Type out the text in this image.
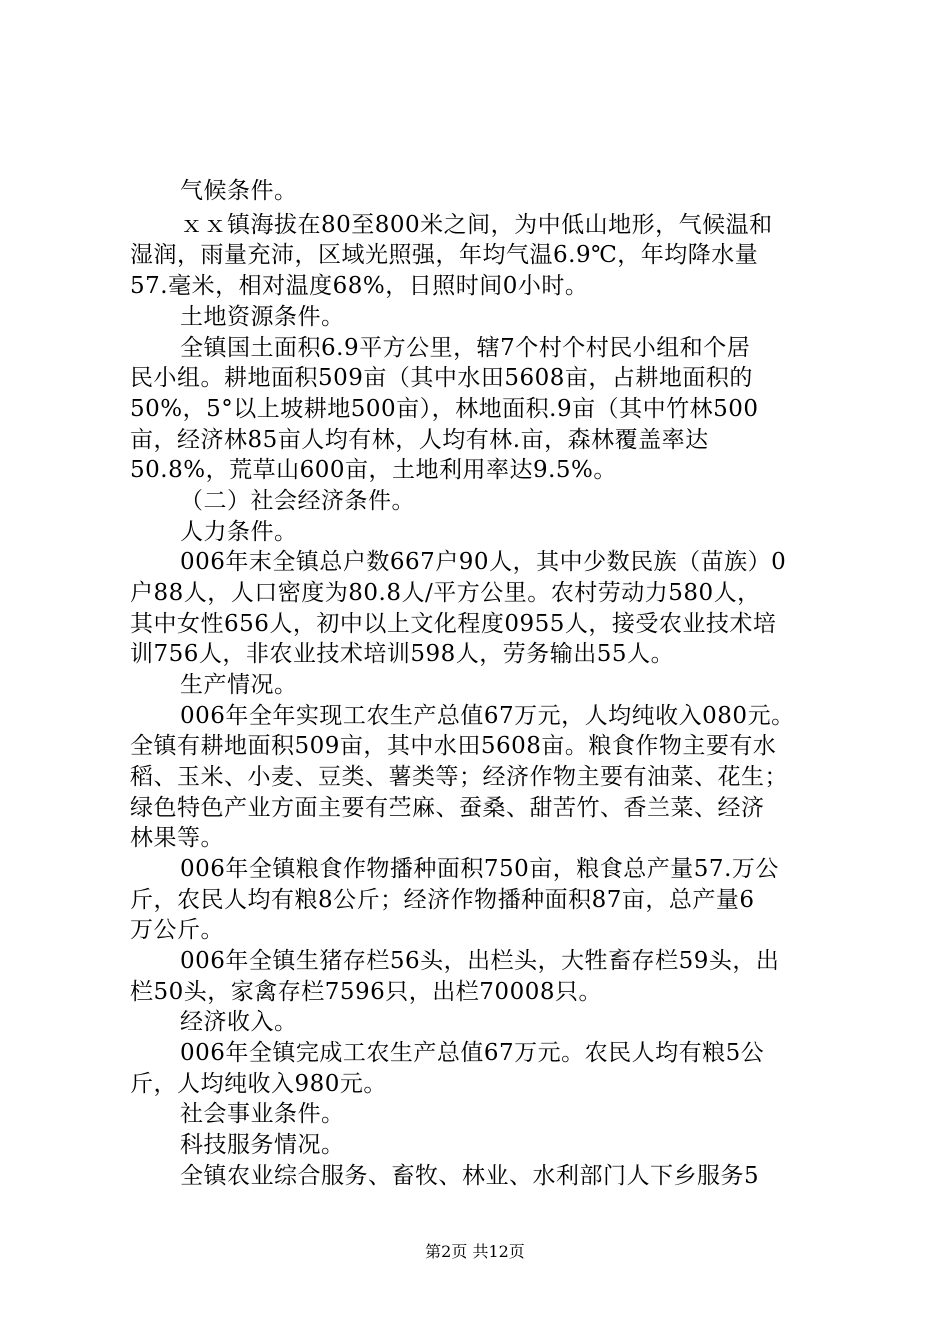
气候条件。
ｘｘ镇海拔在80至800米之间，为中低山地形，气候温和
湿润，雨量充沛，区域光照强，年均气温6.9℃，年均降水量
57.毫米，相对温度68%，日照时间0小时。
土地资源条件。
全镇国土面积6.9平方公里，辖7个村个村民小组和个居
民小组。耕地面积509亩（其中水田5608亩，占耕地面积的
50%，5°以上坡耕地500亩），林地面积.9亩（其中竹林500
亩，经济林85亩人均有林，人均有林.亩，森林覆盖率达
50.8%，荒草山600亩，土地利用率达9.5%。
（二）社会经济条件。
人力条件。
006年末全镇总户数667户90人，其中少数民族（苗族）0
户88人，人口密度为80.8人/平方公里。农村劳动力580人，
其中女性656人，初中以上文化程度0955人，接受农业技术培
训756人，非农业技术培训598人，劳务输出55人。
生产情况。
006年全年实现工农生产总值67万元，人均纯收入080元。
全镇有耕地面积509亩，其中水田5608亩。粮食作物主要有水
稻、玉米、小麦、豆类、薯类等；经济作物主要有油菜、花生；
绿色特色产业方面主要有苎麻、蚕桑、甜苦竹、香兰菜、经济
林果等。
006年全镇粮食作物播种面积750亩，粮食总产量57.万公
斤，农民人均有粮8公斤；经济作物播种面积87亩，总产量6
万公斤。
006年全镇生猪存栏56头，出栏头，大牲畜存栏59头，出
栏50头，家禽存栏7596只，出栏70008只。
经济收入。
006年全镇完成工农生产总值67万元。农民人均有粮5公
斤，人均纯收入980元。
社会事业条件。
科技服务情况。
全镇农业综合服务、畜牧、林业、水利部门人下乡服务5
第2页 共12页
